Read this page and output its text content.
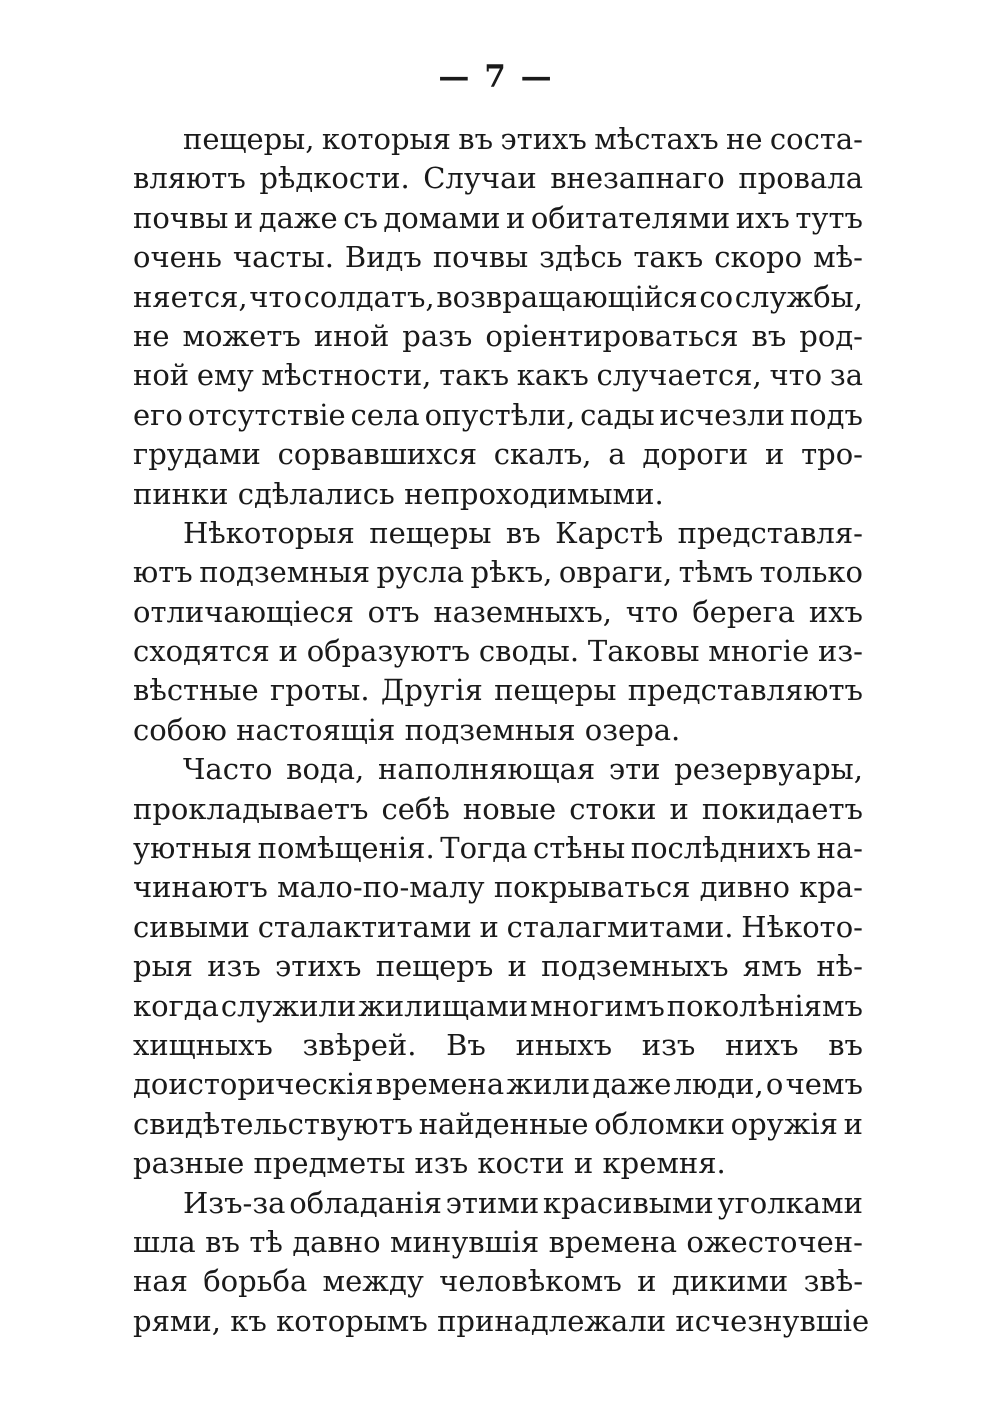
— 7 —
пещеры, которыя въ этихъ мѣстахъ не соста-
вляютъ рѣдкости. Случаи внезапнаго провала
почвы и даже съ домами и обитателями ихъ тутъ
очень часты. Видъ почвы здѣсь такъ скоро мѣ-
няется, что солдатъ, возвращающійся со службы,
не можетъ иной разъ оріентироваться въ род-
ной ему мѣстности, такъ какъ случается, что за
его отсутствіе села опустѣли, сады исчезли подъ
грудами сорвавшихся скалъ, а дороги и тро-
пинки сдѣлались непроходимыми.
Нѣкоторыя пещеры въ Карстѣ представля-
ютъ подземныя русла рѣкъ, овраги, тѣмъ только
отличающіеся отъ наземныхъ, что берега ихъ
сходятся и образуютъ своды. Таковы многіе из-
вѣстные гроты. Другія пещеры представляютъ
собою настоящія подземныя озера.
Часто вода, наполняющая эти резервуары,
прокладываетъ себѣ новые стоки и покидаетъ
уютныя помѣщенія. Тогда стѣны послѣднихъ на-
чинаютъ мало-по-малу покрываться дивно кра-
сивыми сталактитами и сталагмитами. Нѣкото-
рыя изъ этихъ пещеръ и подземныхъ ямъ нѣ-
когда служили жилищами многимъ поколѣніямъ
хищныхъ звѣрей. Въ иныхъ изъ нихъ въ
доисторическія времена жили даже люди, о чемъ
свидѣтельствуютъ найденные обломки оружія и
разные предметы изъ кости и кремня.
Изъ-за обладанія этими красивыми уголками
шла въ тѣ давно минувшія времена ожесточен-
ная борьба между человѣкомъ и дикими звѣ-
рями, къ которымъ принадлежали исчезнувшіе
